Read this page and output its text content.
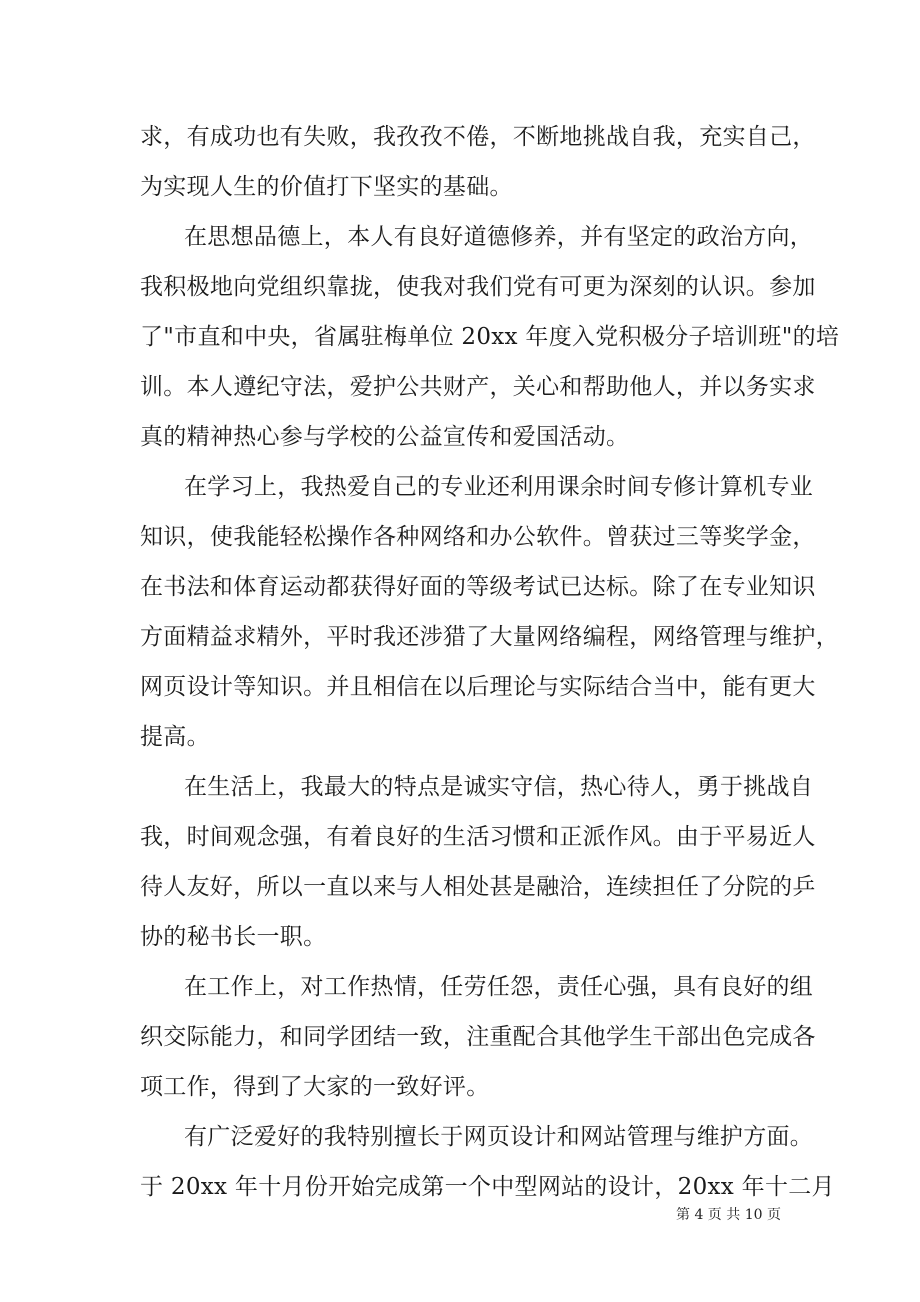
求，有成功也有失败，我孜孜不倦，不断地挑战自我，充实自己，
为实现人生的价值打下坚实的基础。
在思想品德上，本人有良好道德修养，并有坚定的政治方向，
我积极地向党组织靠拢，使我对我们党有可更为深刻的认识。参加
了"市直和中央，省属驻梅单位 20xx 年度入党积极分子培训班"的培
训。本人遵纪守法，爱护公共财产，关心和帮助他人，并以务实求
真的精神热心参与学校的公益宣传和爱国活动。
在学习上，我热爱自己的专业还利用课余时间专修计算机专业
知识，使我能轻松操作各种网络和办公软件。曾获过三等奖学金，
在书法和体育运动都获得好面的等级考试已达标。除了在专业知识
方面精益求精外，平时我还涉猎了大量网络编程，网络管理与维护，
网页设计等知识。并且相信在以后理论与实际结合当中，能有更大
提高。
在生活上，我最大的特点是诚实守信，热心待人，勇于挑战自
我，时间观念强，有着良好的生活习惯和正派作风。由于平易近人
待人友好，所以一直以来与人相处甚是融洽，连续担任了分院的乒
协的秘书长一职。
在工作上，对工作热情，任劳任怨，责任心强，具有良好的组
织交际能力，和同学团结一致，注重配合其他学生干部出色完成各
项工作，得到了大家的一致好评。
有广泛爱好的我特别擅长于网页设计和网站管理与维护方面。
于 20xx 年十月份开始完成第一个中型网站的设计，20xx 年十二月
第 4 页 共 10 页
